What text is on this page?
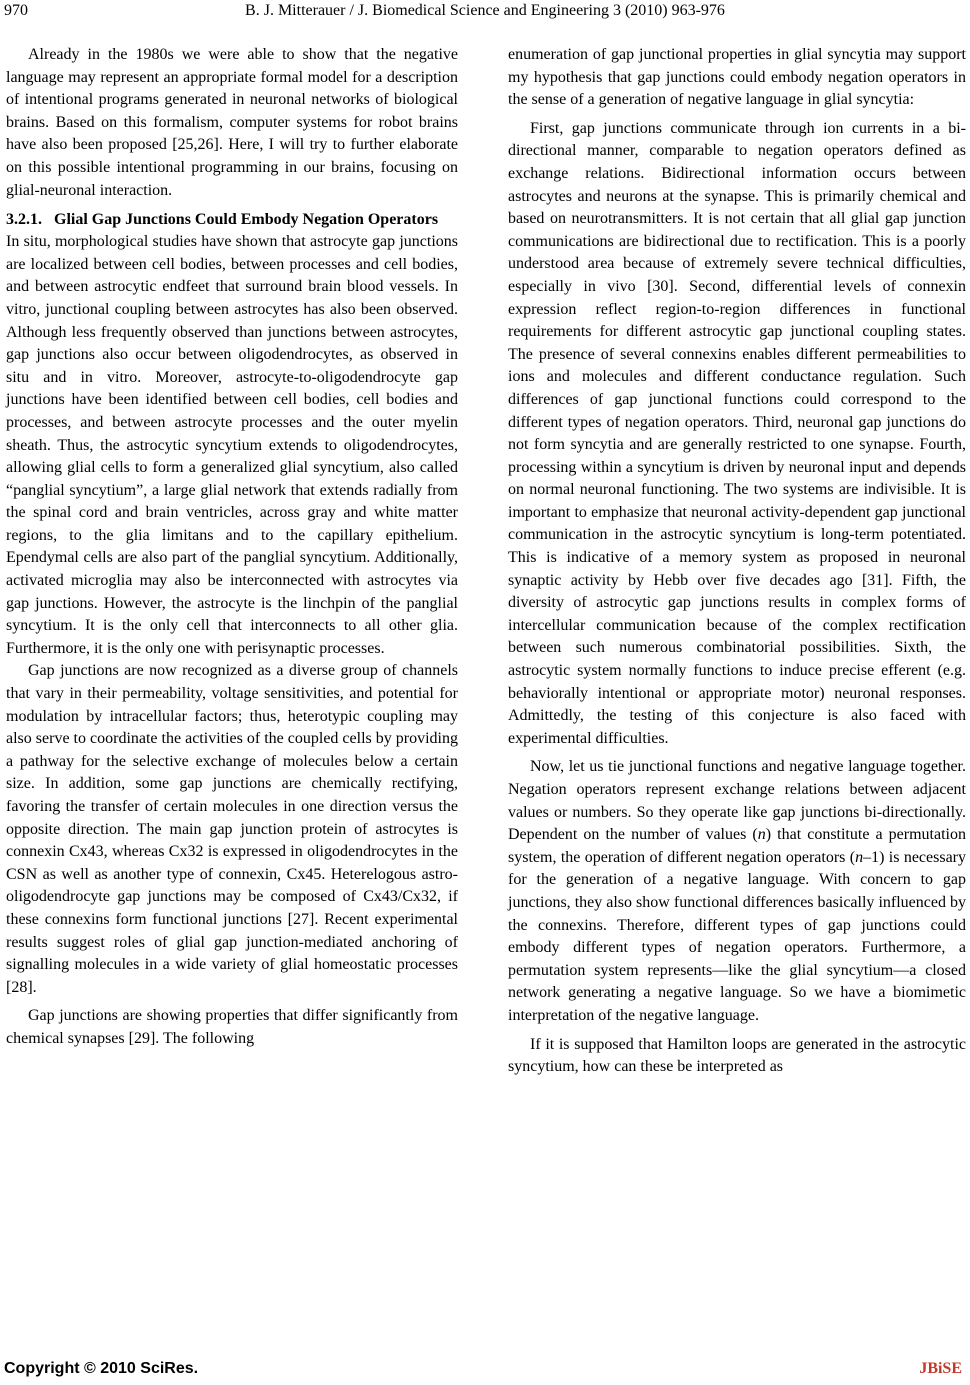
970	B. J. Mitterauer / J. Biomedical Science and Engineering 3 (2010) 963-976

Already in the 1980s we were able to show that the negative language may represent an appropriate formal model for a description of intentional programs generated in neuronal networks of biological brains. Based on this formalism, computer systems for robot brains have also been proposed [25,26]. Here, I will try to further elaborate on this possible intentional programming in our brains, focusing on glial-neuronal interaction.

3.2.1. Glial Gap Junctions Could Embody Negation Operators

In situ, morphological studies have shown that astrocyte gap junctions are localized between cell bodies, between processes and cell bodies, and between astrocytic endfeet that surround brain blood vessels. In vitro, junctional coupling between astrocytes has also been observed. Although less frequently observed than junctions between astrocytes, gap junctions also occur between oligodendrocytes, as observed in situ and in vitro. Moreover, astrocyte-to-oligodendrocyte gap junctions have been identified between cell bodies, cell bodies and processes, and between astrocyte processes and the outer myelin sheath. Thus, the astrocytic syncytium extends to oligodendrocytes, allowing glial cells to form a generalized glial syncytium, also called “panglial syncytium”, a large glial network that extends radially from the spinal cord and brain ventricles, across gray and white matter regions, to the glia limitans and to the capillary epithelium. Ependymal cells are also part of the panglial syncytium. Additionally, activated microglia may also be interconnected with astrocytes via gap junctions. However, the astrocyte is the linchpin of the panglial syncytium. It is the only cell that interconnects to all other glia. Furthermore, it is the only one with perisynaptic processes.

Gap junctions are now recognized as a diverse group of channels that vary in their permeability, voltage sensitivities, and potential for modulation by intracellular factors; thus, heterotypic coupling may also serve to coordinate the activities of the coupled cells by providing a pathway for the selective exchange of molecules below a certain size. In addition, some gap junctions are chemically rectifying, favoring the transfer of certain molecules in one direction versus the opposite direction. The main gap junction protein of astrocytes is connexin Cx43, whereas Cx32 is expressed in oligodendrocytes in the CSN as well as another type of connexin, Cx45. Heterelogous astro-oligodendrocyte gap junctions may be composed of Cx43/Cx32, if these connexins form functional junctions [27]. Recent experimental results suggest roles of glial gap junction-mediated anchoring of signalling molecules in a wide variety of glial homeostatic processes [28].

Gap junctions are showing properties that differ significantly from chemical synapses [29]. The following

enumeration of gap junctional properties in glial syncytia may support my hypothesis that gap junctions could embody negation operators in the sense of a generation of negative language in glial syncytia:

First, gap junctions communicate through ion currents in a bi-directional manner, comparable to negation operators defined as exchange relations. Bidirectional information occurs between astrocytes and neurons at the synapse. This is primarily chemical and based on neurotransmitters. It is not certain that all glial gap junction communications are bidirectional due to rectification. This is a poorly understood area because of extremely severe technical difficulties, especially in vivo [30]. Second, differential levels of connexin expression reflect region-to-region differences in functional requirements for different astrocytic gap junctional coupling states. The presence of several connexins enables different permeabilities to ions and molecules and different conductance regulation. Such differences of gap junctional functions could correspond to the different types of negation operators. Third, neuronal gap junctions do not form syncytia and are generally restricted to one synapse. Fourth, processing within a syncytium is driven by neuronal input and depends on normal neuronal functioning. The two systems are indivisible. It is important to emphasize that neuronal activity-dependent gap junctional communication in the astrocytic syncytium is long-term potentiated. This is indicative of a memory system as proposed in neuronal synaptic activity by Hebb over five decades ago [31]. Fifth, the diversity of astrocytic gap junctions results in complex forms of intercellular communication because of the complex rectification between such numerous combinatorial possibilities. Sixth, the astrocytic system normally functions to induce precise efferent (e.g. behaviorally intentional or appropriate motor) neuronal responses. Admittedly, the testing of this conjecture is also faced with experimental difficulties.

Now, let us tie junctional functions and negative language together. Negation operators represent exchange relations between adjacent values or numbers. So they operate like gap junctions bi-directionally. Dependent on the number of values (n) that constitute a permutation system, the operation of different negation operators (n–1) is necessary for the generation of a negative language. With concern to gap junctions, they also show functional differences basically influenced by the connexins. Therefore, different types of gap junctions could embody different types of negation operators. Furthermore, a permutation system represents—like the glial syncytium—a closed network generating a negative language. So we have a biomimetic interpretation of the negative language.

If it is supposed that Hamilton loops are generated in the astrocytic syncytium, how can these be interpreted as

Copyright © 2010 SciRes.	JBiSE
